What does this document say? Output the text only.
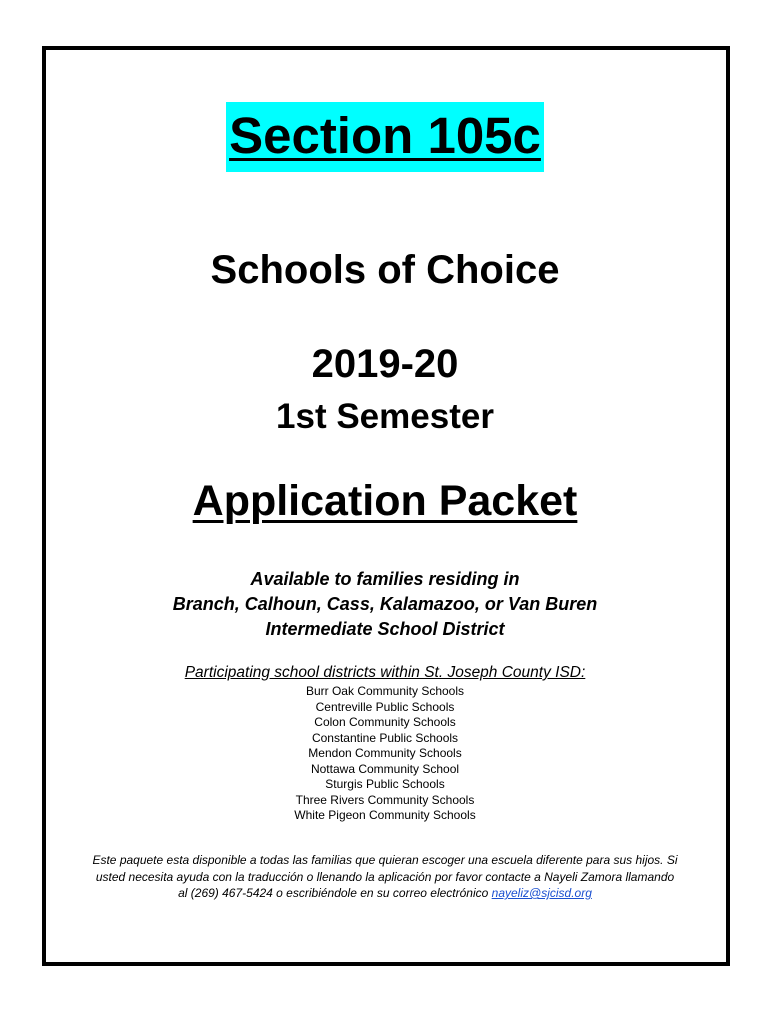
Section 105c
Schools of Choice
2019-20
1st Semester
Application Packet
Available to families residing in
Branch, Calhoun, Cass, Kalamazoo, or Van Buren
Intermediate School District
Participating school districts within St. Joseph County ISD:
Burr Oak Community Schools
Centreville Public Schools
Colon Community Schools
Constantine Public Schools
Mendon Community Schools
Nottawa Community School
Sturgis Public Schools
Three Rivers Community Schools
White Pigeon Community Schools
Este paquete esta disponible a todas las familias que quieran escoger una escuela diferente para sus hijos. Si usted necesita ayuda con la traducción o llenando la aplicación por favor contacte a Nayeli Zamora llamando al (269) 467-5424 o escribiéndole en su correo electrónico nayeliz@sjcisd.org
